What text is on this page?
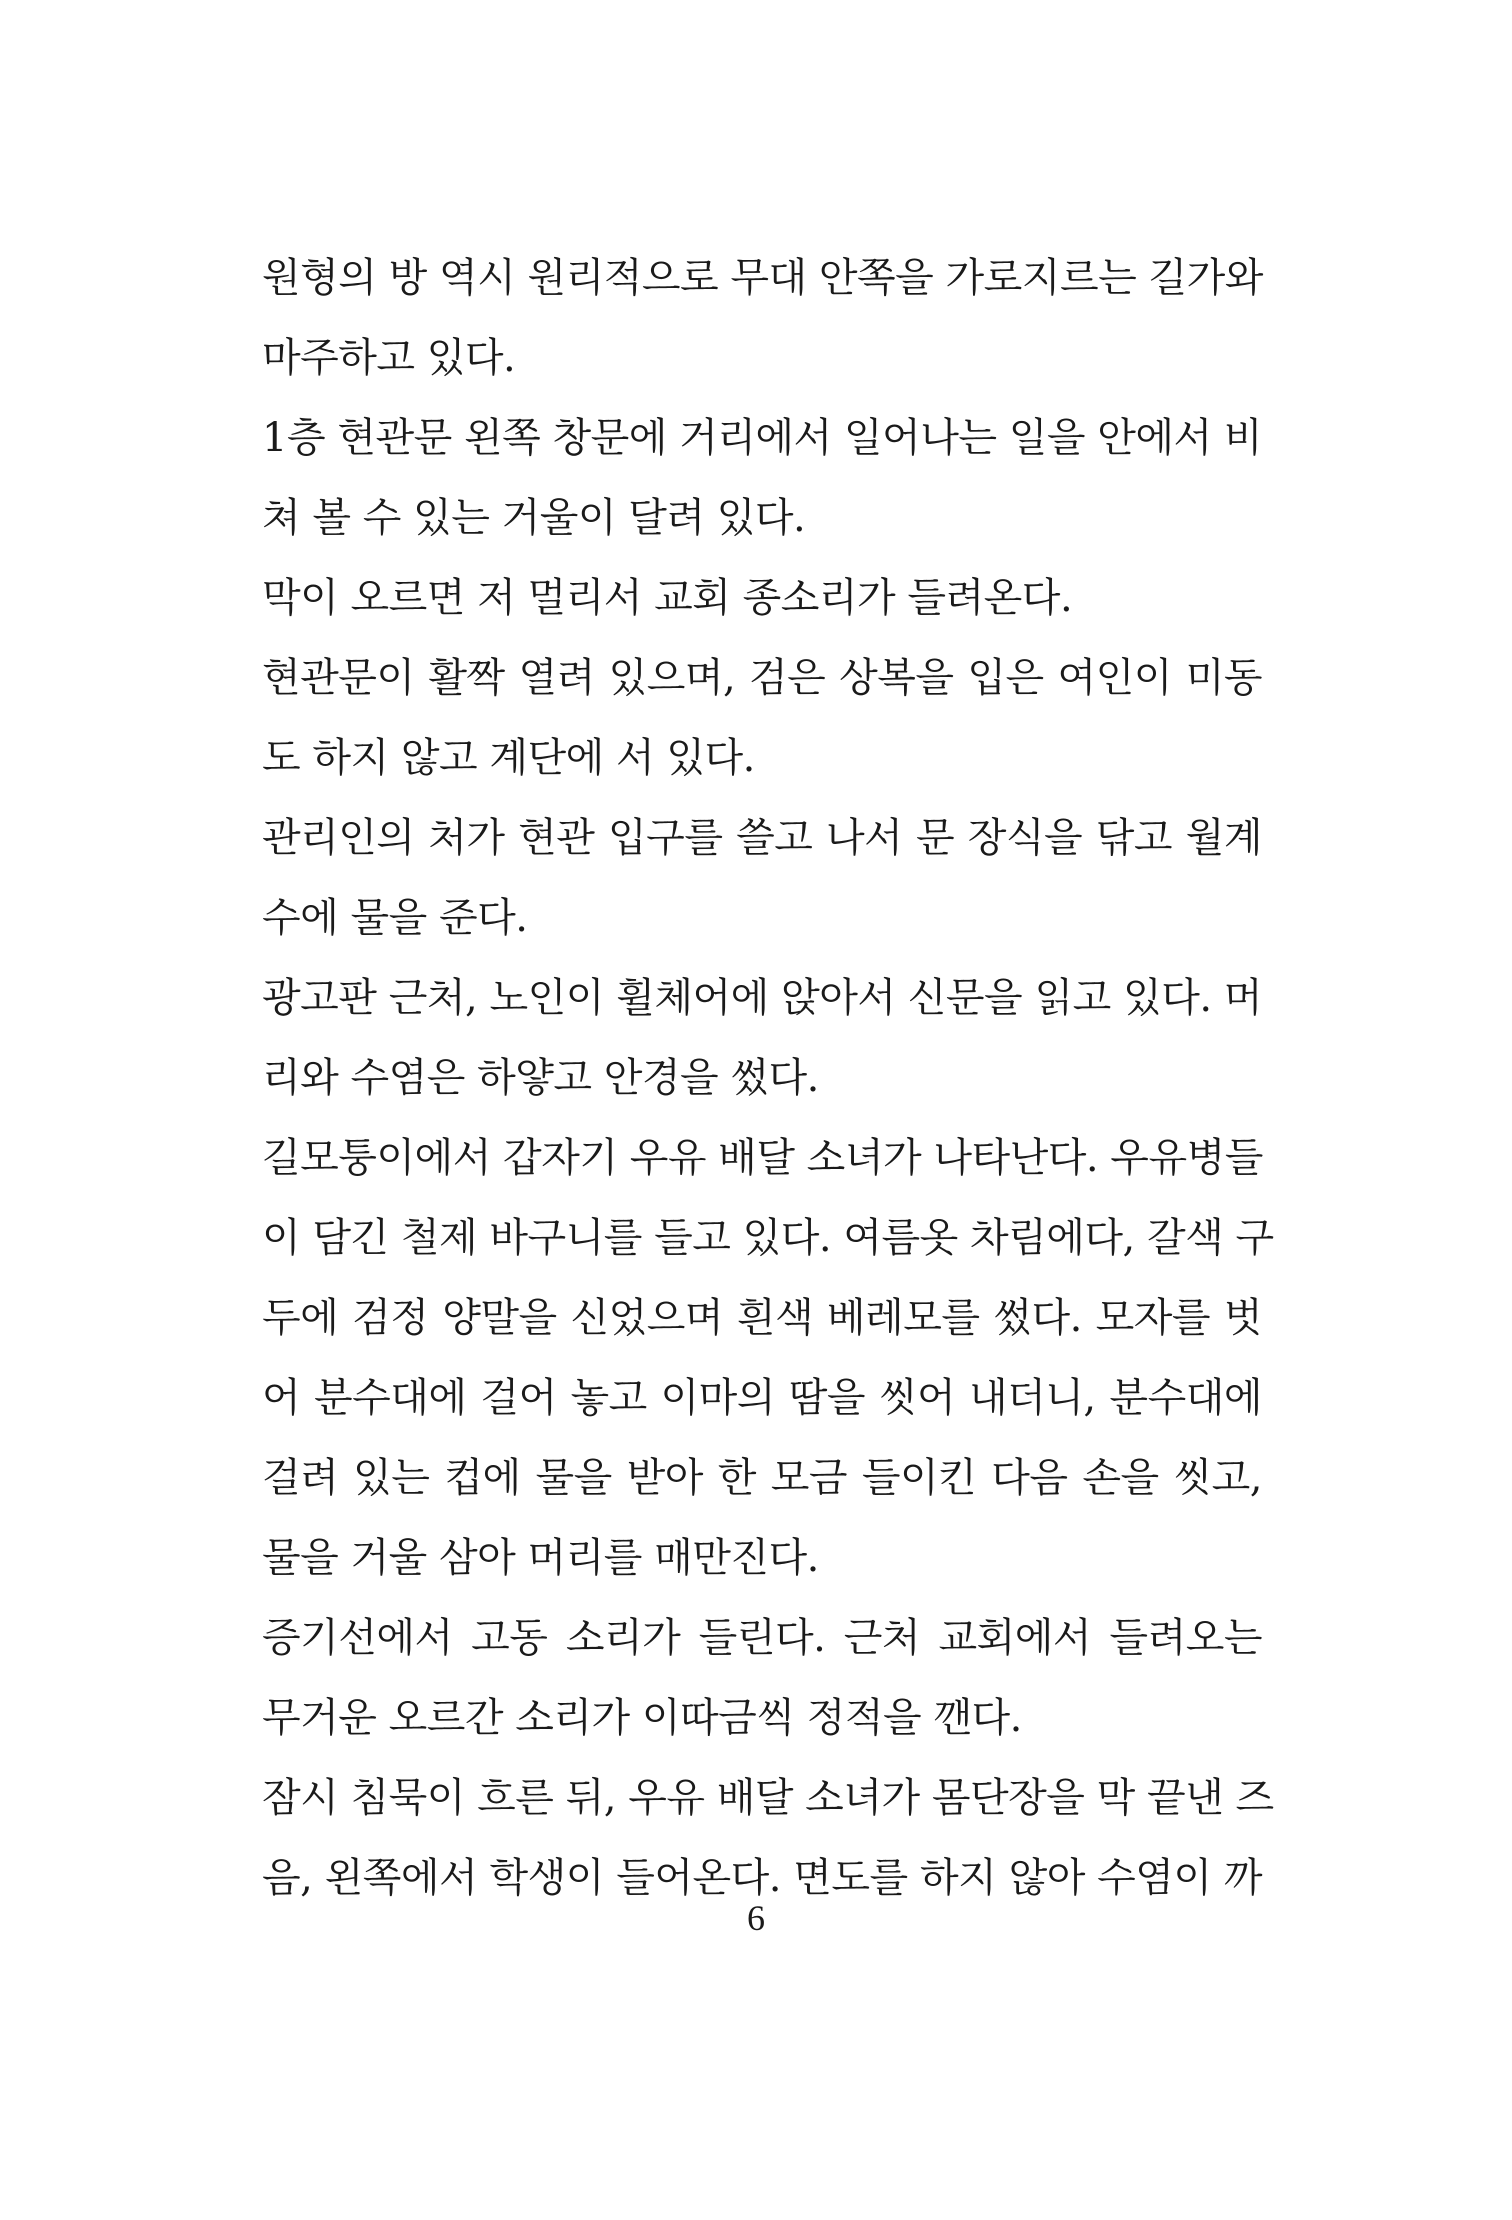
원형의 방 역시 원리적으로 무대 안쪽을 가로지르는 길가와
마주하고 있다.
1층 현관문 왼쪽 창문에 거리에서 일어나는 일을 안에서 비
쳐 볼 수 있는 거울이 달려 있다.
막이 오르면 저 멀리서 교회 종소리가 들려온다.
현관문이 활짝 열려 있으며, 검은 상복을 입은 여인이 미동
도 하지 않고 계단에 서 있다.
관리인의 처가 현관 입구를 쓸고 나서 문 장식을 닦고 월계
수에 물을 준다.
광고판 근처, 노인이 휠체어에 앉아서 신문을 읽고 있다. 머
리와 수염은 하얗고 안경을 썼다.
길모퉁이에서 갑자기 우유 배달 소녀가 나타난다. 우유병들
이 담긴 철제 바구니를 들고 있다. 여름옷 차림에다, 갈색 구
두에 검정 양말을 신었으며 흰색 베레모를 썼다. 모자를 벗
어 분수대에 걸어 놓고 이마의 땀을 씻어 내더니, 분수대에
걸려 있는 컵에 물을 받아 한 모금 들이킨 다음 손을 씻고,
물을 거울 삼아 머리를 매만진다.
증기선에서 고동 소리가 들린다. 근처 교회에서 들려오는
무거운 오르간 소리가 이따금씩 정적을 깬다.
잠시 침묵이 흐른 뒤, 우유 배달 소녀가 몸단장을 막 끝낸 즈
음, 왼쪽에서 학생이 들어온다. 면도를 하지 않아 수염이 까
6
